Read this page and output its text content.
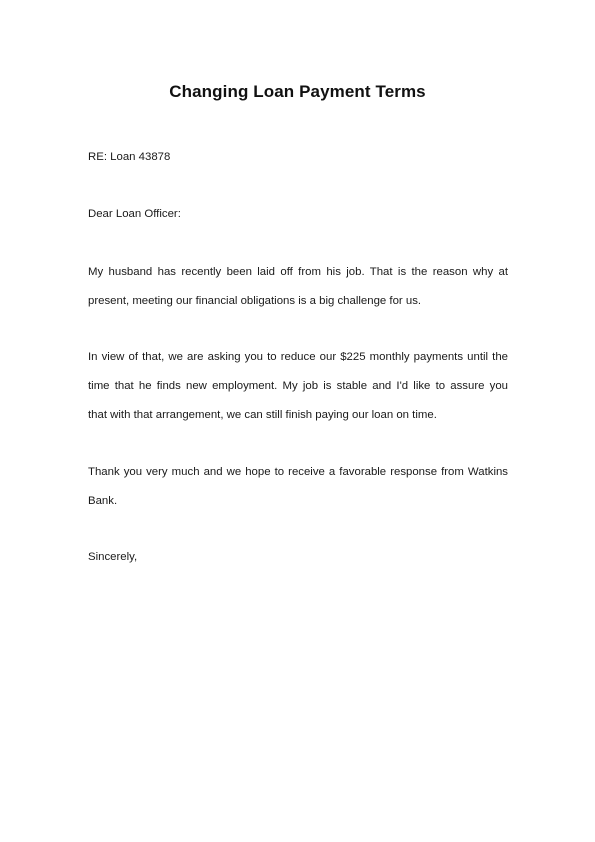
Changing Loan Payment Terms
RE: Loan 43878
Dear Loan Officer:
My husband has recently been laid off from his job. That is the reason why at
present, meeting our financial obligations is a big challenge for us.
In view of that, we are asking you to reduce our $225 monthly payments until the
time that he finds new employment. My job is stable and I'd like to assure you
that with that arrangement, we can still finish paying our loan on time.
Thank you very much and we hope to receive a favorable response from Watkins
Bank.
Sincerely,
